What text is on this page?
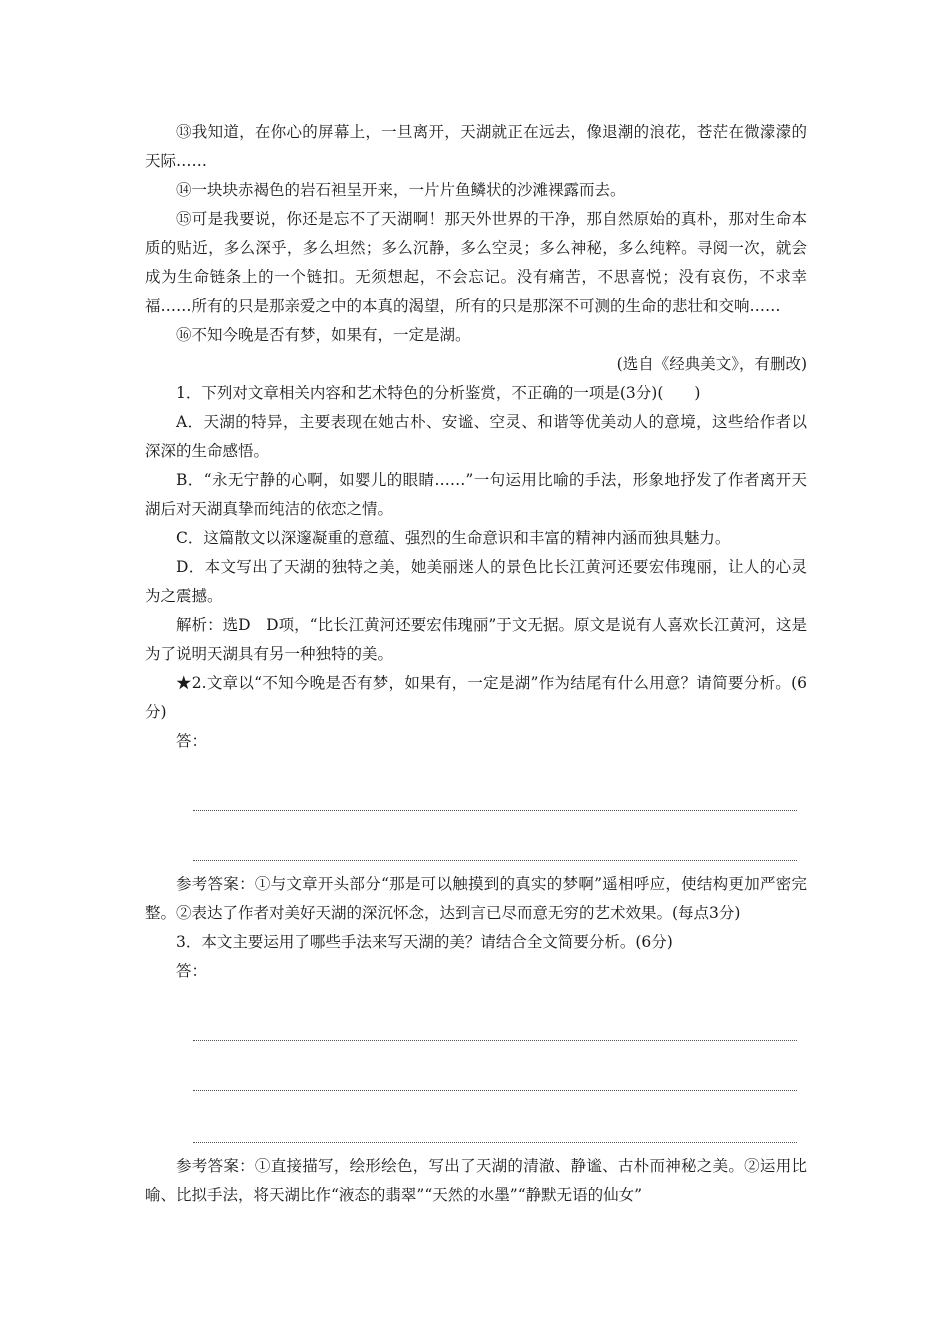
⑬我知道，在你心的屏幕上，一旦离开，天湖就正在远去，像退潮的浪花，苍茫在微濛濛的天际……

⑭一块块赤褐色的岩石袒呈开来，一片片鱼鳞状的沙滩裸露而去。

⑮可是我要说，你还是忘不了天湖啊！那天外世界的干净，那自然原始的真朴，那对生命本质的贴近，多么深乎，多么坦然；多么沉静，多么空灵；多么神秘，多么纯粹。寻阅一次，就会成为生命链条上的一个链扣。无须想起，不会忘记。没有痛苦，不思喜悦；没有哀伤，不求幸福……所有的只是那亲爱之中的本真的渴望，所有的只是那深不可测的生命的悲壮和交响……

⑯不知今晚是否有梦，如果有，一定是湖。

(选自《经典美文》，有删改)

1．下列对文章相关内容和艺术特色的分析鉴赏，不正确的一项是(3分)(　　)

A．天湖的特异，主要表现在她古朴、安谧、空灵、和谐等优美动人的意境，这些给作者以深深的生命感悟。

B．“永无宁静的心啊，如婴儿的眼睛……”一句运用比喻的手法，形象地抒发了作者离开天湖后对天湖真挚而纯洁的依恋之情。

C．这篇散文以深邃凝重的意蕴、强烈的生命意识和丰富的精神内涵而独具魅力。

D．本文写出了天湖的独特之美，她美丽迷人的景色比长江黄河还要宏伟瑰丽，让人的心灵为之震撼。

解析：选D　D项，“比长江黄河还要宏伟瑰丽”于文无据。原文是说有人喜欢长江黄河，这是为了说明天湖具有另一种独特的美。

★2.文章以“不知今晚是否有梦，如果有，一定是湖”作为结尾有什么用意？请简要分析。(6分)

答：

参考答案：①与文章开头部分“那是可以触摸到的真实的梦啊”遥相呼应，使结构更加严密完整。②表达了作者对美好天湖的深沉怀念，达到言已尽而意无穷的艺术效果。(每点3分)

3．本文主要运用了哪些手法来写天湖的美？请结合全文简要分析。(6分)

答：

参考答案：①直接描写，绘形绘色，写出了天湖的清澈、静谧、古朴而神秘之美。②运用比喻、比拟手法，将天湖比作“液态的翡翠”“天然的水墨”“静默无语的仙女”
